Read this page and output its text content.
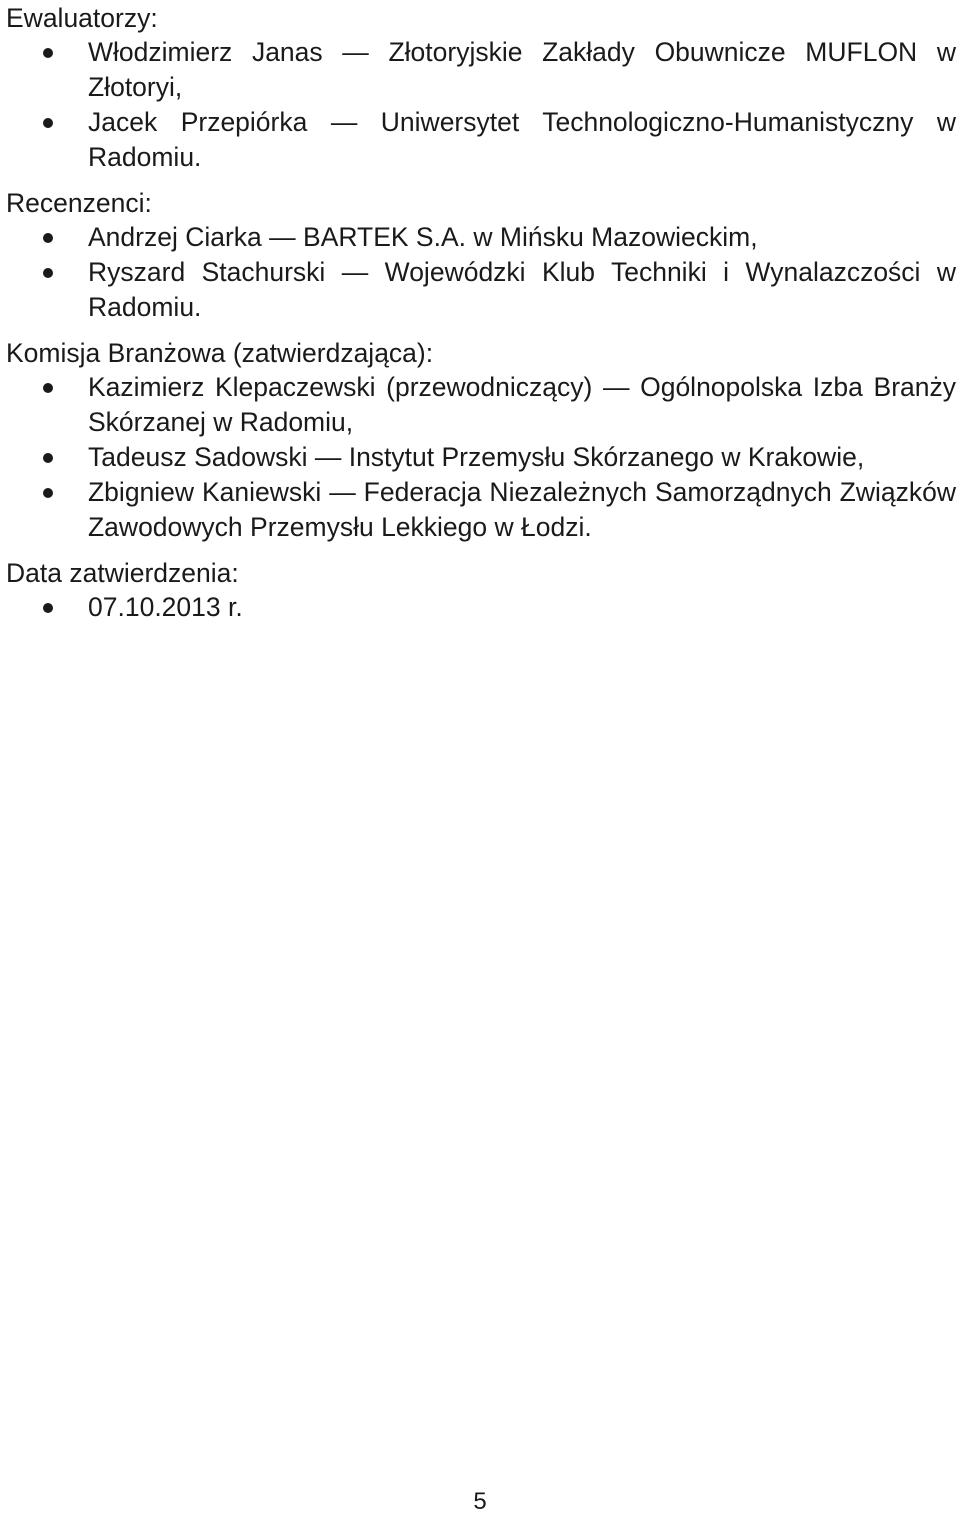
Ewaluatorzy:

Włodzimierz Janas — Złotoryjskie Zakłady Obuwnicze MUFLON w Złotoryi,
Jacek Przepiórka — Uniwersytet Technologiczno-Humanistyczny w Radomiu.

Recenzenci:

Andrzej Ciarka — BARTEK S.A. w Mińsku Mazowieckim,
Ryszard Stachurski — Wojewódzki Klub Techniki i Wynalazczości w Radomiu.

Komisja Branżowa (zatwierdzająca):

Kazimierz Klepaczewski (przewodniczący) — Ogólnopolska Izba Branży Skórzanej w Radomiu,
Tadeusz Sadowski — Instytut Przemysłu Skórzanego w Krakowie,
Zbigniew Kaniewski — Federacja Niezależnych Samorządnych Związków Zawodowych Przemysłu Lekkiego w Łodzi.

Data zatwierdzenia:

07.10.2013 r.
5
